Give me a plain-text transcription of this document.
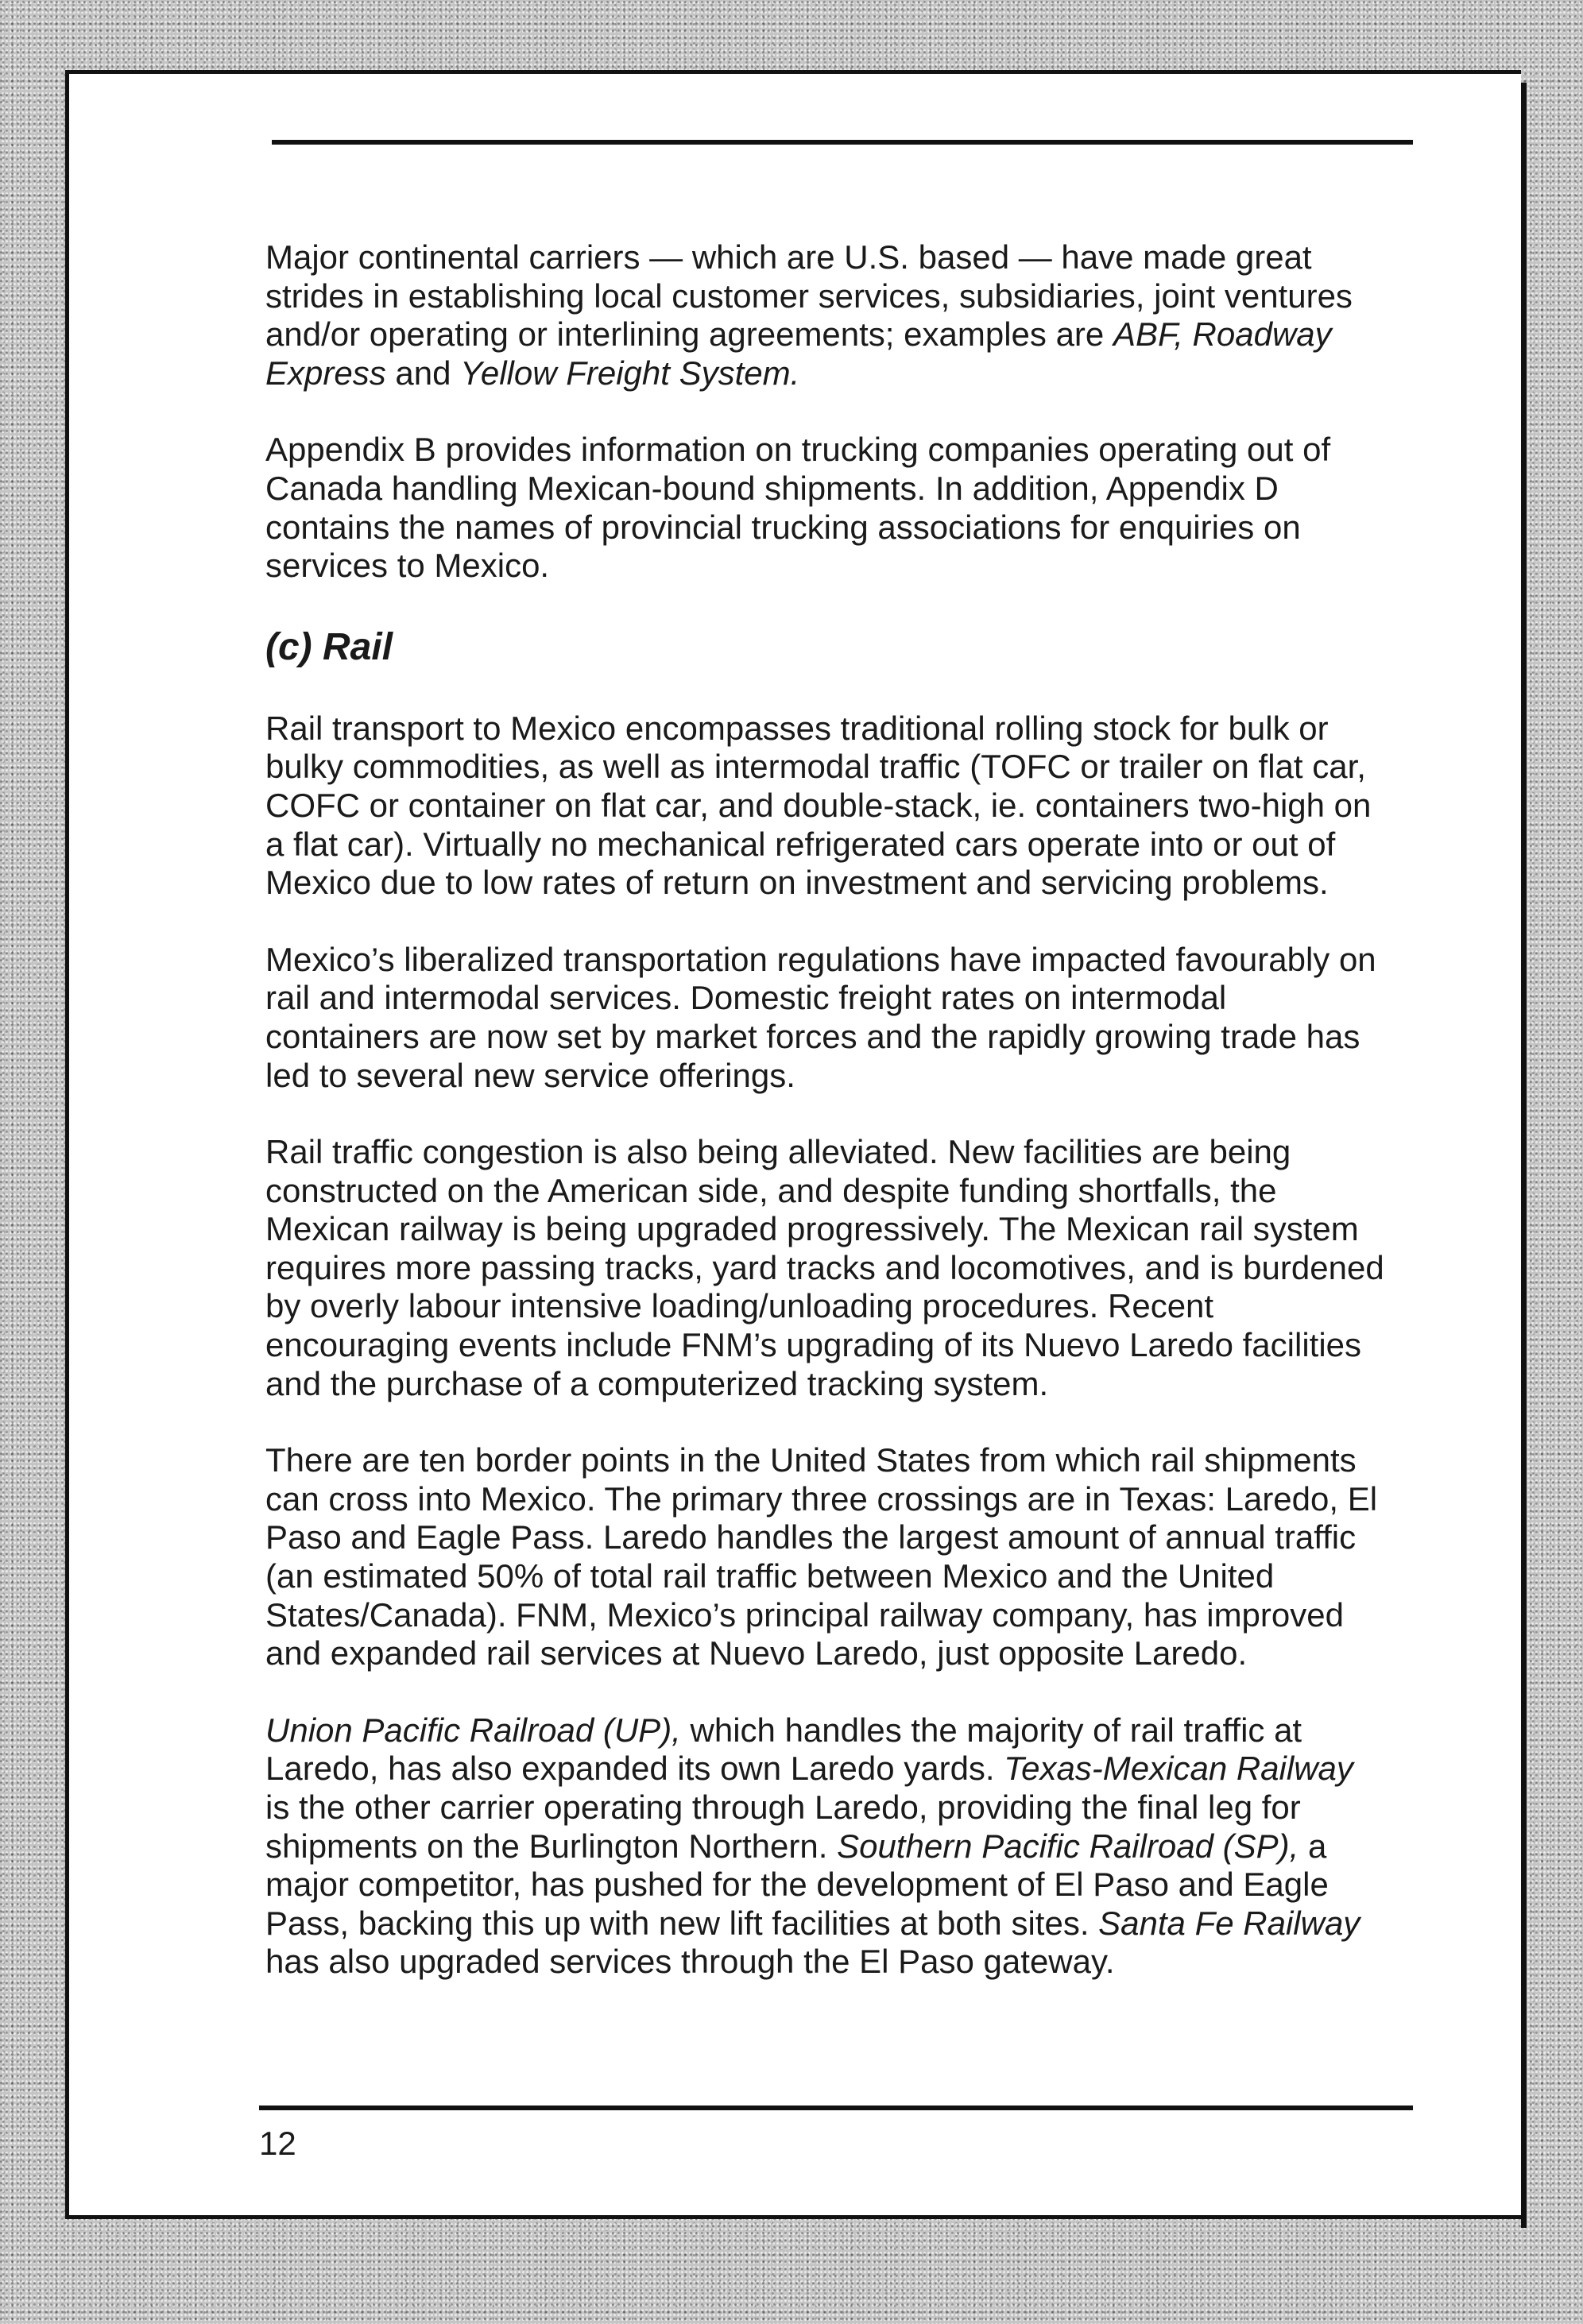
Major continental carriers — which are U.S. based — have made great
strides in establishing local customer services, subsidiaries, joint ventures
and/or operating or interlining agreements; examples are ABF, Roadway
Express and Yellow Freight System.

Appendix B provides information on trucking companies operating out of
Canada handling Mexican-bound shipments. In addition, Appendix D
contains the names of provincial trucking associations for enquiries on
services to Mexico.

(c) Rail

Rail transport to Mexico encompasses traditional rolling stock for bulk or
bulky commodities, as well as intermodal traffic (TOFC or trailer on flat car,
COFC or container on flat car, and double-stack, ie. containers two-high on
a flat car). Virtually no mechanical refrigerated cars operate into or out of
Mexico due to low rates of return on investment and servicing problems.

Mexico’s liberalized transportation regulations have impacted favourably on
rail and intermodal services. Domestic freight rates on intermodal
containers are now set by market forces and the rapidly growing trade has
led to several new service offerings.

Rail traffic congestion is also being alleviated. New facilities are being
constructed on the American side, and despite funding shortfalls, the
Mexican railway is being upgraded progressively. The Mexican rail system
requires more passing tracks, yard tracks and locomotives, and is burdened
by overly labour intensive loading/unloading procedures. Recent
encouraging events include FNM’s upgrading of its Nuevo Laredo facilities
and the purchase of a computerized tracking system.

There are ten border points in the United States from which rail shipments
can cross into Mexico. The primary three crossings are in Texas: Laredo, El
Paso and Eagle Pass. Laredo handles the largest amount of annual traffic
(an estimated 50% of total rail traffic between Mexico and the United
States/Canada). FNM, Mexico’s principal railway company, has improved
and expanded rail services at Nuevo Laredo, just opposite Laredo.

Union Pacific Railroad (UP), which handles the majority of rail traffic at
Laredo, has also expanded its own Laredo yards. Texas-Mexican Railway
is the other carrier operating through Laredo, providing the final leg for
shipments on the Burlington Northern. Southern Pacific Railroad (SP), a
major competitor, has pushed for the development of El Paso and Eagle
Pass, backing this up with new lift facilities at both sites. Santa Fe Railway
has also upgraded services through the El Paso gateway.

12
